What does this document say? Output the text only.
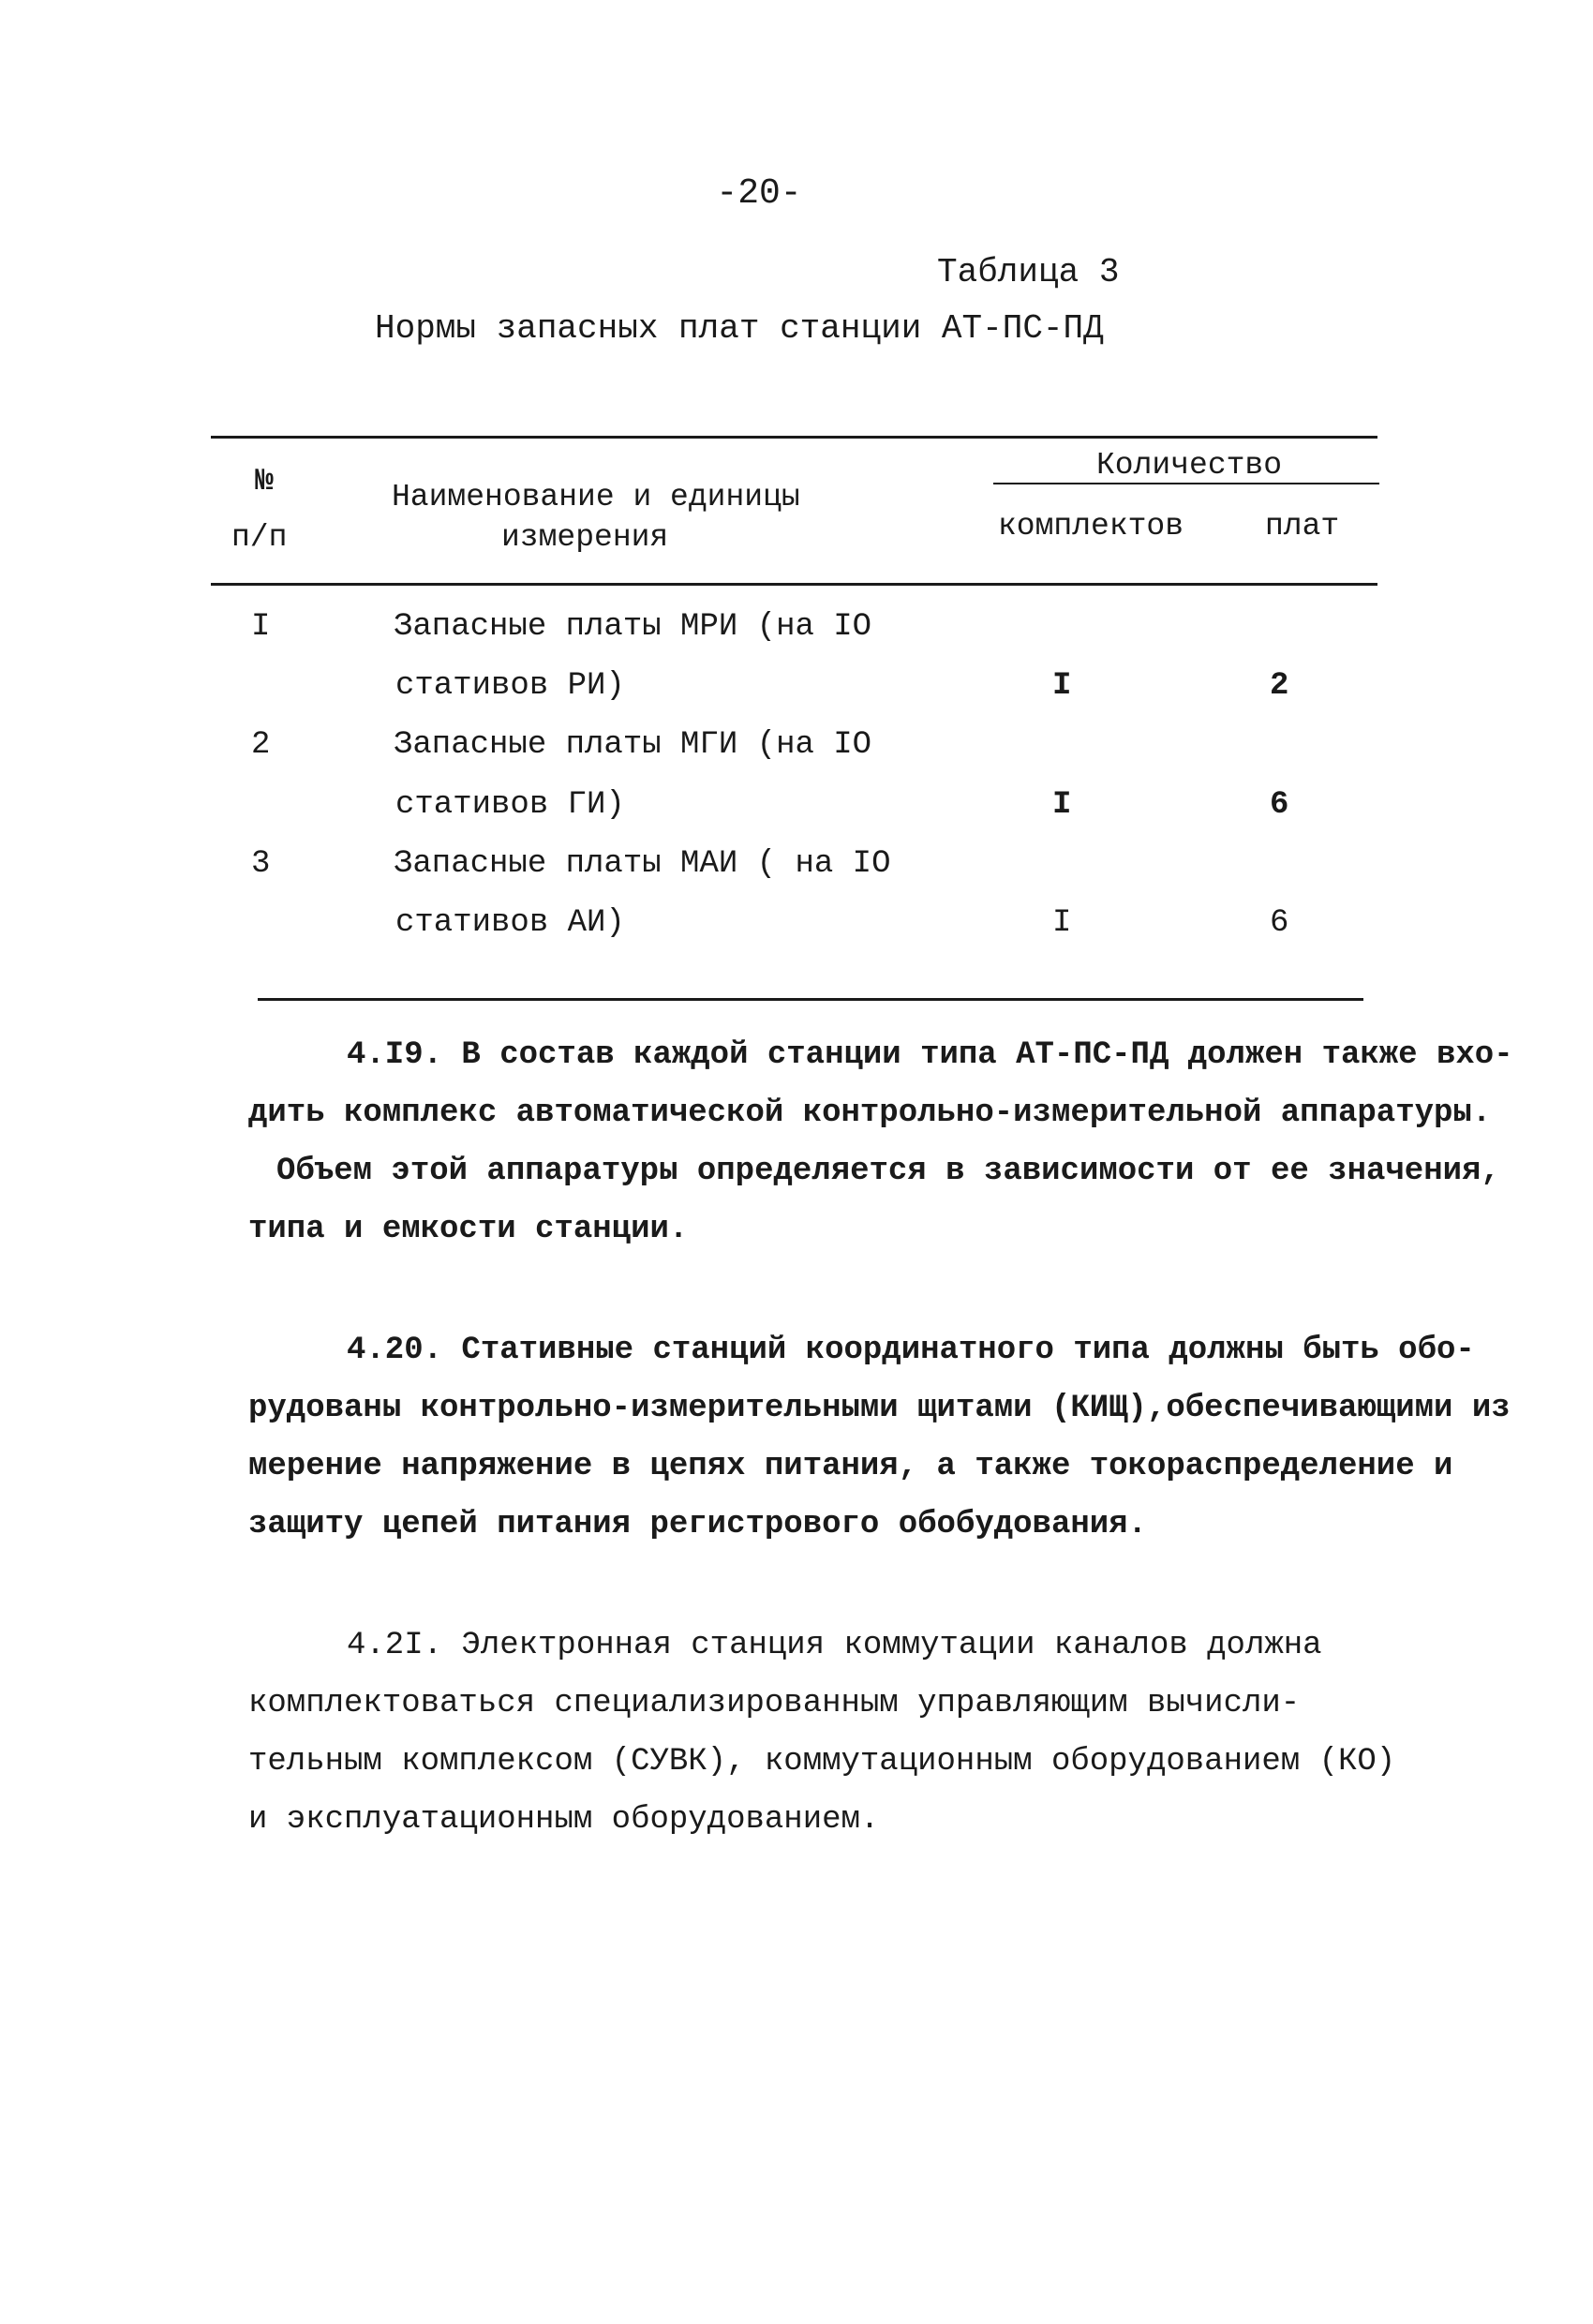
-20-
Таблица 3
Нормы запасных плат станции АТ-ПС-ПД
№
п/п
Наименование и единицы
измерения
Количество
комплектов	плат
I	Запасные платы МРИ (на IO
стативов РИ)	I	2
2	Запасные платы МГИ (на IO
стативов ГИ)	I	6
3	Запасные платы МАИ ( на IO
стативов АИ)	I	6
4.I9. В состав каждой станции типа АТ-ПС-ПД должен также вхо-
дить комплекс автоматической контрольно-измерительной аппаратуры.
Объем этой аппаратуры определяется в зависимости от ее значения,
типа и емкости станции.
4.20. Стативные станций координатного типа должны быть обо-
рудованы контрольно-измерительными щитами (КИЩ),обеспечивающими из
мерение напряжение в цепях питания, а также токораспределение и
защиту цепей питания регистрового обобудования.
4.2I. Электронная станция коммутации каналов должна
комплектоваться специализированным управляющим вычисли-
тельным комплексом (СУВК), коммутационным оборудованием (КО)
и эксплуатационным оборудованием.
